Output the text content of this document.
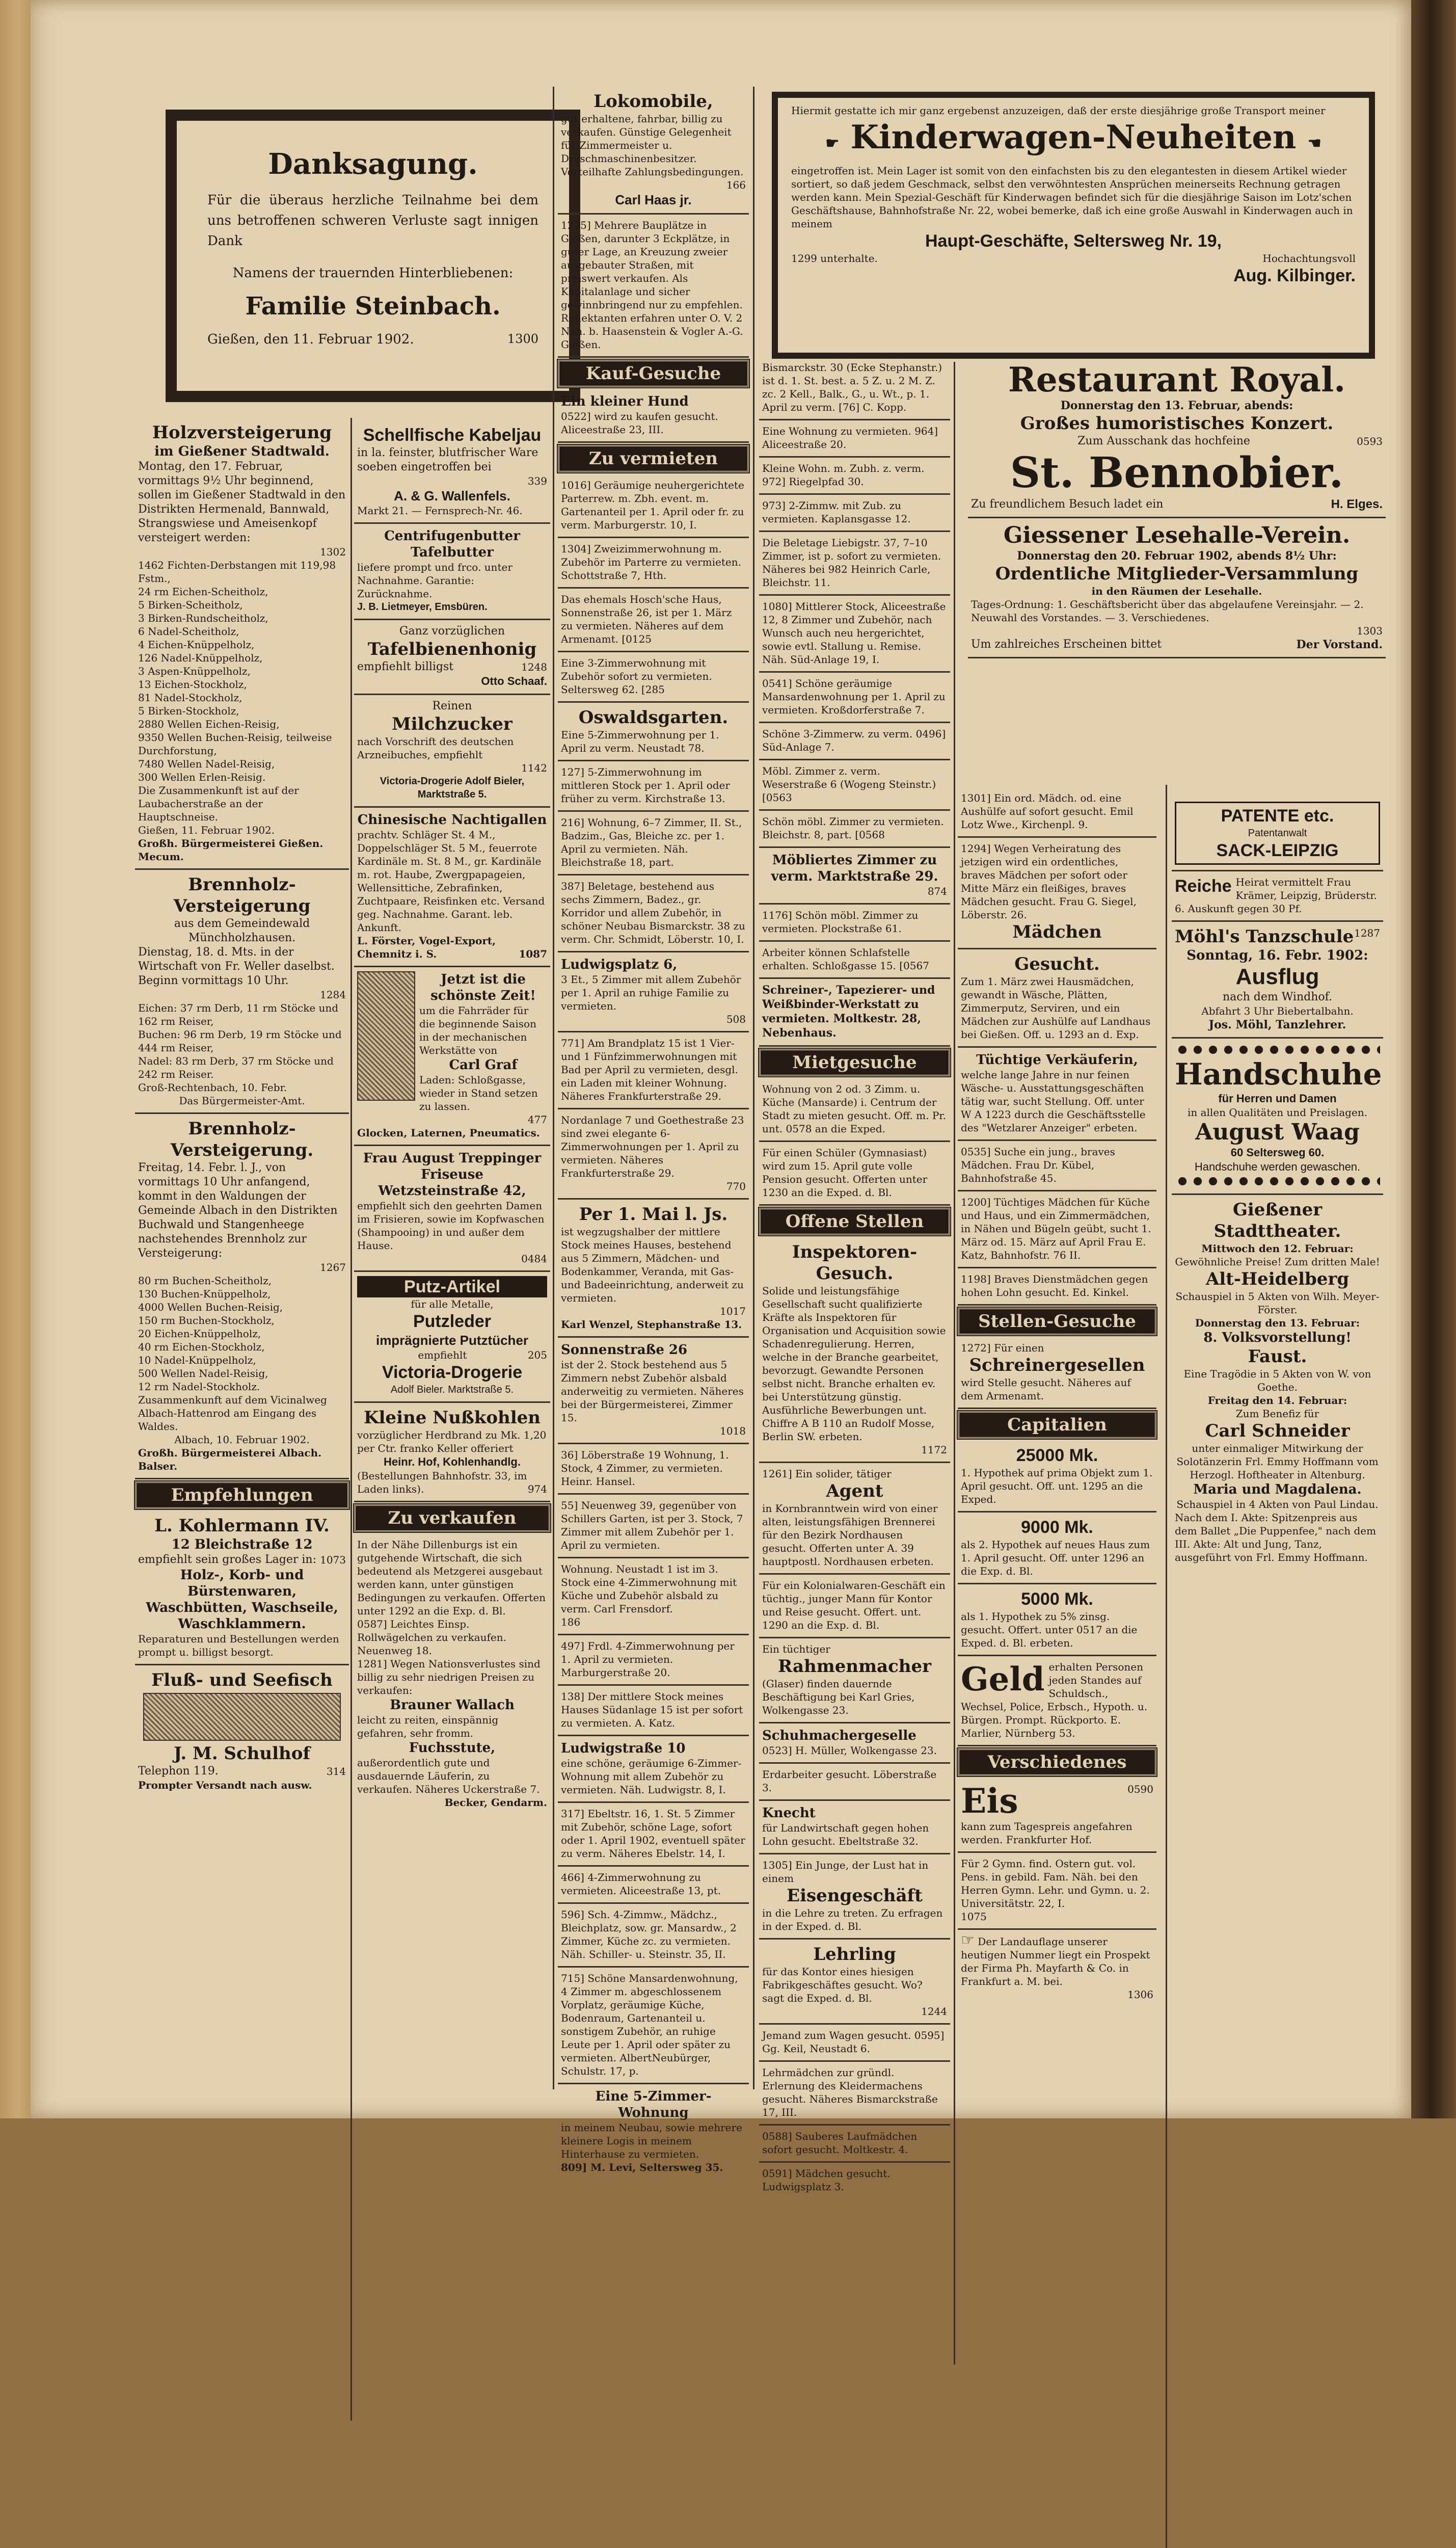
Danksagung.
Für die überaus herzliche Teilnahme bei dem uns betroffenen schweren Verluste sagt innigen Dank
Namens der trauernden Hinterbliebenen:
Familie Steinbach.
Gießen, den 11. Februar 1902.	1300
Holzversteigerung
im Gießener Stadtwald.
Montag, den 17. Februar, vormittags 9½ Uhr beginnend, sollen im Gießener Stadtwald in den Distrikten Hermenald, Bannwald, Strangswiese und Ameisenkopf versteigert werden:
1302
1462 Fichten-Derbstangen mit 119,98 Fstm.,
24 rm Eichen-Scheitholz,
5 Birken-Scheitholz,
3 Birken-Rundscheitholz,
6 Nadel-Scheitholz,
4 Eichen-Knüppelholz,
126 Nadel-Knüppelholz,
3 Aspen-Knüppelholz,
13 Eichen-Stockholz,
81 Nadel-Stockholz,
5 Birken-Stockholz,
2880 Wellen Eichen-Reisig,
9350 Wellen Buchen-Reisig, teilweise Durchforstung,
7480 Wellen Nadel-Reisig,
300 Wellen Erlen-Reisig.
Die Zusammenkunft ist auf der Laubacherstraße an der Hauptschneise.
Gießen, 11. Februar 1902.
Großh. Bürgermeisterei Gießen. Mecum.
Brennholz-Versteigerung
aus dem Gemeindewald Münchholzhausen.
Dienstag, 18. d. Mts. in der Wirtschaft von Fr. Weller daselbst. Beginn vormittags 10 Uhr.
1284
Eichen: 37 rm Derb, 11 rm Stöcke und 162 rm Reiser,
Buchen: 96 rm Derb, 19 rm Stöcke und 444 rm Reiser,
Nadel: 83 rm Derb, 37 rm Stöcke und 242 rm Reiser.
Groß-Rechtenbach, 10. Febr.
Das Bürgermeister-Amt.
Brennholz-Versteigerung.
Freitag, 14. Febr. l. J., von vormittags 10 Uhr anfangend, kommt in den Waldungen der Gemeinde Albach in den Distrikten Buchwald und Stangenheege nachstehendes Brennholz zur Versteigerung:
1267
80 rm Buchen-Scheitholz,
130 Buchen-Knüppelholz,
4000 Wellen Buchen-Reisig,
150 rm Buchen-Stockholz,
20 Eichen-Knüppelholz,
40 rm Eichen-Stockholz,
10 Nadel-Knüppelholz,
500 Wellen Nadel-Reisig,
12 rm Nadel-Stockholz.
Zusammenkunft auf dem Vicinalweg Albach-Hattenrod am Eingang des Waldes.
Albach, 10. Februar 1902.
Großh. Bürgermeisterei Albach. Balser.
Empfehlungen
L. Kohlermann IV.
12 Bleichstraße 12
empfiehlt sein großes Lager in: 1073
Holz-, Korb- und Bürstenwaren, Waschbütten, Waschseile, Waschklammern.
Reparaturen und Bestellungen werden prompt u. billigst besorgt.
Fluß- und Seefisch
J. M. Schulhof
Telephon 119.	314
Prompter Versandt nach ausw.
Schellfische Kabeljau
in la. feinster, blutfrischer Ware soeben eingetroffen bei
339
A. & G. Wallenfels.
Markt 21. — Fernsprech-Nr. 46.
Centrifugenbutter Tafelbutter
liefere prompt und frco. unter Nachnahme. Garantie: Zurücknahme.
J. B. Lietmeyer, Emsbüren.
Ganz vorzüglichen
Tafelbienenhonig
empfiehlt billigst	1248
Otto Schaaf.
Reinen
Milchzucker
nach Vorschrift des deutschen Arzneibuches, empfiehlt
1142
Victoria-Drogerie Adolf Bieler, Marktstraße 5.
Chinesische Nachtigallen
prachtv. Schläger St. 4 M., Doppelschläger St. 5 M., feuerrote Kardinäle m. St. 8 M., gr. Kardinäle m. rot. Haube, Zwergpapageien, Wellensittiche, Zebrafinken, Zuchtpaare, Reisfinken etc. Versand geg. Nachnahme. Garant. leb. Ankunft.
L. Förster, Vogel-Export, Chemnitz i. S.	1087
Jetzt ist die schönste Zeit!
um die Fahrräder für die beginnende Saison in der mechanischen Werkstätte von
Carl Graf
Laden: Schloßgasse, wieder in Stand setzen zu lassen.
477
Glocken, Laternen, Pneumatics.
Frau August Treppinger Friseuse
Wetzsteinstraße 42,
empfiehlt sich den geehrten Damen im Frisieren, sowie im Kopfwaschen (Shampooing) in und außer dem Hause.
0484
Putz-Artikel
für alle Metalle,
Putzleder
imprägnierte Putztücher
empfiehlt	205
Victoria-Drogerie
Adolf Bieler. Marktstraße 5.
Kleine Nußkohlen
vorzüglicher Herdbrand zu Mk. 1,20 per Ctr. franko Keller offeriert
Heinr. Hof, Kohlenhandlg.
(Bestellungen Bahnhofstr. 33, im Laden links).	974
Zu verkaufen
In der Nähe Dillenburgs ist ein gutgehende Wirtschaft, die sich bedeutend als Metzgerei ausgebaut werden kann, unter günstigen Bedingungen zu verkaufen. Offerten unter 1292 an die Exp. d. Bl.
0587] Leichtes Einsp. Rollwägelchen zu verkaufen. Neuenweg 18.
1281] Wegen Nationsverlustes sind billig zu sehr niedrigen Preisen zu verkaufen:
Brauner Wallach
leicht zu reiten, einspännig gefahren, sehr fromm.
Fuchsstute,
außerordentlich gute und ausdauernde Läuferin, zu verkaufen. Näheres Uckerstraße 7.
Becker, Gendarm.
Lokomobile,
gut erhaltene, fahrbar, billig zu verkaufen. Günstige Gelegenheit für Zimmermeister u. Dreschmaschinenbesitzer. Vorteilhafte Zahlungsbedingungen.
166
Carl Haas jr.
1225] Mehrere Bauplätze in Gießen, darunter 3 Eckplätze, in guter Lage, an Kreuzung zweier ausgebauter Straßen, mit preiswert verkaufen. Als Kapitalanlage und sicher gewinnbringend nur zu empfehlen. Reflektanten erfahren unter O. V. 2 Näh. b. Haasenstein & Vogler A.-G. Gießen.
Kauf-Gesuche
Ein kleiner Hund
0522] wird zu kaufen gesucht. Aliceestraße 23, III.
Zu vermieten
1016] Geräumige neuhergerichtete Parterrew. m. Zbh. event. m. Gartenanteil per 1. April oder fr. zu verm. Marburgerstr. 10, I.
1304] Zweizimmerwohnung m. Zubehör im Parterre zu vermieten. Schottstraße 7, Hth.
Das ehemals Hosch'sche Haus, Sonnenstraße 26, ist per 1. März zu vermieten. Näheres auf dem Armenamt. [0125
Eine 3-Zimmerwohnung mit Zubehör sofort zu vermieten. Seltersweg 62. [285
Oswaldsgarten.
Eine 5-Zimmerwohnung per 1. April zu verm. Neustadt 78.
127] 5-Zimmerwohnung im mittleren Stock per 1. April oder früher zu verm. Kirchstraße 13.
216] Wohnung, 6–7 Zimmer, II. St., Badzim., Gas, Bleiche zc. per 1. April zu vermieten. Näh. Bleichstraße 18, part.
387] Beletage, bestehend aus sechs Zimmern, Badez., gr. Korridor und allem Zubehör, in schöner Neubau Bismarckstr. 38 zu verm. Chr. Schmidt, Löberstr. 10, I.
Ludwigsplatz 6,
3 Et., 5 Zimmer mit allem Zubehör per 1. April an ruhige Familie zu vermieten.
508
771] Am Brandplatz 15 ist 1 Vier- und 1 Fünfzimmerwohnungen mit Bad per April zu vermieten, desgl. ein Laden mit kleiner Wohnung. Näheres Frankfurterstraße 29.
Nordanlage 7 und Goethestraße 23 sind zwei elegante 6-Zimmerwohnungen per 1. April zu vermieten. Näheres Frankfurterstraße 29.
770
Per 1. Mai l. Js.
ist wegzugshalber der mittlere Stock meines Hauses, bestehend aus 5 Zimmern, Mädchen- und Bodenkammer, Veranda, mit Gas- und Badeeinrichtung, anderweit zu vermieten.
1017
Karl Wenzel, Stephanstraße 13.
Sonnenstraße 26
ist der 2. Stock bestehend aus 5 Zimmern nebst Zubehör alsbald anderweitig zu vermieten. Näheres bei der Bürgermeisterei, Zimmer 15.
1018
36] Löberstraße 19 Wohnung, 1. Stock, 4 Zimmer, zu vermieten. Heinr. Hansel.
55] Neuenweg 39, gegenüber von Schillers Garten, ist per 3. Stock, 7 Zimmer mit allem Zubehör per 1. April zu vermieten.
Wohnung. Neustadt 1 ist im 3. Stock eine 4-Zimmerwohnung mit Küche und Zubehör alsbald zu verm. Carl Frensdorf.
186
497] Frdl. 4-Zimmerwohnung per 1. April zu vermieten. Marburgerstraße 20.
138] Der mittlere Stock meines Hauses Südanlage 15 ist per sofort zu vermieten. A. Katz.
Ludwigstraße 10
eine schöne, geräumige 6-Zimmer-Wohnung mit allem Zubehör zu vermieten. Näh. Ludwigstr. 8, I.
317] Ebeltstr. 16, 1. St. 5 Zimmer mit Zubehör, schöne Lage, sofort oder 1. April 1902, eventuell später zu verm. Näheres Ebelstr. 14, I.
466] 4-Zimmerwohnung zu vermieten. Aliceestraße 13, pt.
596] Sch. 4-Zimmw., Mädchz., Bleichplatz, sow. gr. Mansardw., 2 Zimmer, Küche zc. zu vermieten. Näh. Schiller- u. Steinstr. 35, II.
715] Schöne Mansardenwohnung, 4 Zimmer m. abgeschlossenem Vorplatz, geräumige Küche, Bodenraum, Gartenanteil u. sonstigem Zubehör, an ruhige Leute per 1. April oder später zu vermieten. AlbertNeubürger, Schulstr. 17, p.
Eine 5-Zimmer-Wohnung
in meinem Neubau, sowie mehrere kleinere Logis in meinem Hinterhause zu vermieten.
809] M. Levi, Seltersweg 35.
Hiermit gestatte ich mir ganz ergebenst anzuzeigen, daß der erste diesjährige große Transport meiner
☛ Kinderwagen-Neuheiten ☚
eingetroffen ist. Mein Lager ist somit von den einfachsten bis zu den elegantesten in diesem Artikel wieder sortiert, so daß jedem Geschmack, selbst den verwöhntesten Ansprüchen meinerseits Rechnung getragen werden kann. Mein Spezial-Geschäft für Kinderwagen befindet sich für die diesjährige Saison im Lotz'schen Geschäftshause, Bahnhofstraße Nr. 22, wobei bemerke, daß ich eine große Auswahl in Kinderwagen auch in meinem
Haupt-Geschäfte, Seltersweg Nr. 19,
1299 unterhalte.	Hochachtungsvoll
Aug. Kilbinger.
Bismarckstr. 30 (Ecke Stephanstr.) ist d. 1. St. best. a. 5 Z. u. 2 M. Z. zc. 2 Kell., Balk., G., u. Wt., p. 1. April zu verm. [76] C. Kopp.
Eine Wohnung zu vermieten. 964] Aliceestraße 20.
Kleine Wohn. m. Zubh. z. verm. 972] Riegelpfad 30.
973] 2-Zimmw. mit Zub. zu vermieten. Kaplansgasse 12.
Die Beletage Liebigstr. 37, 7–10 Zimmer, ist p. sofort zu vermieten. Näheres bei 982 Heinrich Carle, Bleichstr. 11.
1080] Mittlerer Stock, Aliceestraße 12, 8 Zimmer und Zubehör, nach Wunsch auch neu hergerichtet, sowie evtl. Stallung u. Remise. Näh. Süd-Anlage 19, I.
0541] Schöne geräumige Mansardenwohnung per 1. April zu vermieten. Kroßdorferstraße 7.
Schöne 3-Zimmerw. zu verm. 0496] Süd-Anlage 7.
Möbl. Zimmer z. verm. Weserstraße 6 (Wogeng Steinstr.) [0563
Schön möbl. Zimmer zu vermieten. Bleichstr. 8, part. [0568
Möbliertes Zimmer zu verm. Marktstraße 29.
874
1176] Schön möbl. Zimmer zu vermieten. Plockstraße 61.
Arbeiter können Schlafstelle erhalten. Schloßgasse 15. [0567
Schreiner-, Tapezierer- und Weißbinder-Werkstatt zu vermieten. Moltkestr. 28, Nebenhaus.
Mietgesuche
Wohnung von 2 od. 3 Zimm. u. Küche (Mansarde) i. Centrum der Stadt zu mieten gesucht. Off. m. Pr. unt. 0578 an die Exped.
Für einen Schüler (Gymnasiast) wird zum 15. April gute volle Pension gesucht. Offerten unter 1230 an die Exped. d. Bl.
Offene Stellen
Inspektoren-Gesuch.
Solide und leistungsfähige Gesellschaft sucht qualifizierte Kräfte als Inspektoren für Organisation und Acquisition sowie Schadenregulierung. Herren, welche in der Branche gearbeitet, bevorzugt. Gewandte Personen selbst nicht. Branche erhalten ev. bei Unterstützung günstig. Ausführliche Bewerbungen unt. Chiffre A B 110 an Rudolf Mosse, Berlin SW. erbeten.
1172
1261] Ein solider, tätiger
Agent
in Kornbranntwein wird von einer alten, leistungsfähigen Brennerei für den Bezirk Nordhausen gesucht. Offerten unter A. 39 hauptpostl. Nordhausen erbeten.
Für ein Kolonialwaren-Geschäft ein tüchtig., junger Mann für Kontor und Reise gesucht. Offert. unt. 1290 an die Exp. d. Bl.
Ein tüchtiger
Rahmenmacher
(Glaser) finden dauernde Beschäftigung bei Karl Gries, Wolkengasse 23.
Schuhmachergeselle
0523] H. Müller, Wolkengasse 23.
Erdarbeiter gesucht. Löberstraße 3.
Knecht
für Landwirtschaft gegen hohen Lohn gesucht. Ebeltstraße 32.
1305] Ein Junge, der Lust hat in einem
Eisengeschäft
in die Lehre zu treten. Zu erfragen in der Exped. d. Bl.
Lehrling
für das Kontor eines hiesigen Fabrikgeschäftes gesucht. Wo? sagt die Exped. d. Bl.
1244
Jemand zum Wagen gesucht. 0595] Gg. Keil, Neustadt 6.
Lehrmädchen zur gründl. Erlernung des Kleidermachens gesucht. Näheres Bismarckstraße 17, III.
0588] Sauberes Laufmädchen sofort gesucht. Moltkestr. 4.
0591] Mädchen gesucht. Ludwigsplatz 3.
1301] Ein ord. Mädch. od. eine Aushülfe auf sofort gesucht. Emil Lotz Wwe., Kirchenpl. 9.
1294] Wegen Verheiratung des jetzigen wird ein ordentliches, braves Mädchen per sofort oder Mitte März ein fleißiges, braves Mädchen gesucht. Frau G. Siegel, Löberstr. 26.
Mädchen
Gesucht.
Zum 1. März zwei Hausmädchen, gewandt in Wäsche, Plätten, Zimmerputz, Serviren, und ein Mädchen zur Aushülfe auf Landhaus bei Gießen. Off. u. 1293 an d. Exp.
Tüchtige Verkäuferin,
welche lange Jahre in nur feinen Wäsche- u. Ausstattungsgeschäften tätig war, sucht Stellung. Off. unter W A 1223 durch die Geschäftsstelle des "Wetzlarer Anzeiger" erbeten.
0535] Suche ein jung., braves Mädchen. Frau Dr. Kübel, Bahnhofstraße 45.
1200] Tüchtiges Mädchen für Küche und Haus, und ein Zimmermädchen, in Nähen und Bügeln geübt, sucht 1. März od. 15. März auf April Frau E. Katz, Bahnhofstr. 76 II.
1198] Braves Dienstmädchen gegen hohen Lohn gesucht. Ed. Kinkel.
Stellen-Gesuche
1272] Für einen
Schreinergesellen
wird Stelle gesucht. Näheres auf dem Armenamt.
Capitalien
25000 Mk.
1. Hypothek auf prima Objekt zum 1. April gesucht. Off. unt. 1295 an die Exped.
9000 Mk.
als 2. Hypothek auf neues Haus zum 1. April gesucht. Off. unter 1296 an die Exp. d. Bl.
5000 Mk.
als 1. Hypothek zu 5% zinsg. gesucht. Offert. unter 0517 an die Exped. d. Bl. erbeten.
Geld erhalten Personen jeden Standes auf Schuldsch., Wechsel, Police, Erbsch., Hypoth. u. Bürgen. Prompt. Rückporto. E. Marlier, Nürnberg 53.
Verschiedenes
Eis	0590
kann zum Tagespreis angefahren werden. Frankfurter Hof.
Für 2 Gymn. find. Ostern gut. vol. Pens. in gebild. Fam. Näh. bei den Herren Gymn. Lehr. und Gymn. u. 2. Universitätstr. 22, I.
1075
☞ Der Landauflage unserer heutigen Nummer liegt ein Prospekt der Firma Ph. Mayfarth & Co. in Frankfurt a. M. bei.
1306
Restaurant Royal.
Donnerstag den 13. Februar, abends:
Großes humoristisches Konzert.
Zum Ausschank das hochfeine	0593
St. Bennobier.
Zu freundlichem Besuch ladet ein	H. Elges.
Giessener Lesehalle-Verein.
Donnerstag den 20. Februar 1902, abends 8½ Uhr:
Ordentliche Mitglieder-Versammlung
in den Räumen der Lesehalle.
Tages-Ordnung: 1. Geschäftsbericht über das abgelaufene Vereinsjahr. — 2. Neuwahl des Vorstandes. — 3. Verschiedenes.
1303
Um zahlreiches Erscheinen bittet	Der Vorstand.
PATENTE etc.
Patentanwalt
SACK-LEIPZIG
Reiche Heirat vermittelt Frau Krämer, Leipzig, Brüderstr. 6. Auskunft gegen 30 Pf.
Möhl's Tanzschule 1287
Sonntag, 16. Febr. 1902:
Ausflug
nach dem Windhof.
Abfahrt 3 Uhr Biebertalbahn.
Jos. Möhl, Tanzlehrer.
Handschuhe
für Herren und Damen
in allen Qualitäten und Preislagen.
August Waag
60 Seltersweg 60.
Handschuhe werden gewaschen.
Gießener Stadttheater.
Mittwoch den 12. Februar:
Gewöhnliche Preise! Zum dritten Male!
Alt-Heidelberg
Schauspiel in 5 Akten von Wilh. Meyer-Förster.
Donnerstag den 13. Februar:
8. Volksvorstellung!
Faust.
Eine Tragödie in 5 Akten von W. von Goethe.
Freitag den 14. Februar:
Zum Benefiz für
Carl Schneider
unter einmaliger Mitwirkung der Solotänzerin Frl. Emmy Hoffmann vom Herzogl. Hoftheater in Altenburg.
Maria und Magdalena.
Schauspiel in 4 Akten von Paul Lindau.
Nach dem I. Akte: Spitzenpreis aus dem Ballet „Die Puppenfee," nach dem III. Akte: Alt und Jung, Tanz, ausgeführt von Frl. Emmy Hoffmann.
